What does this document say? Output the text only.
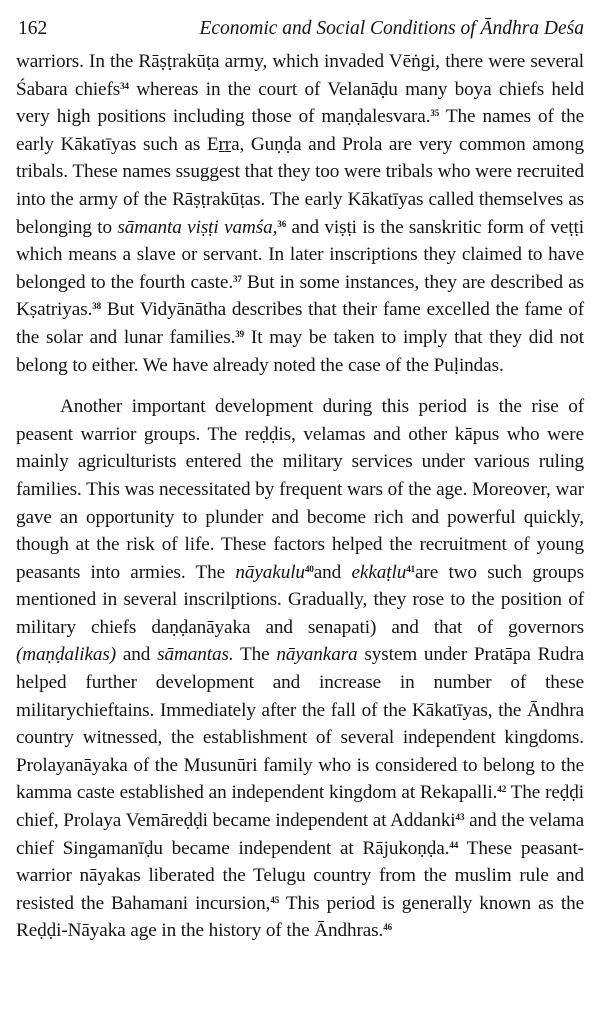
162	Economic and Social Conditions of Āndhra Deśa

warriors. In the Rāṣṭrakūṭa army, which invaded Vēṅgi, there were several Śabara chiefs$^{34}$ whereas in the court of Velanāḍu many boya chiefs held very high positions including those of maṇḍalesvara.$^{35}$ The names of the early Kākatīyas such as Eṟṟa, Guṇḍa and Prola are very common among tribals. These names ssuggest that they too were tribals who were recruited into the army of the Rāṣṭrakūṭas. The early Kākatīyas called themselves as belonging to sāmanta viṣṭi vamśa,$^{36}$ and viṣṭi is the sanskritic form of veṭṭi which means a slave or servant. In later inscriptions they claimed to have belonged to the fourth caste.$^{37}$ But in some instances, they are described as Kṣatriyas.$^{38}$ But Vidyānātha describes that their fame excelled the fame of the solar and lunar families.$^{39}$ It may be taken to imply that they did not belong to either. We have already noted the case of the Puḷindas.

Another important development during this period is the rise of peasent warrior groups. The reḍḍis, velamas and other kāpus who were mainly agriculturists entered the military services under various ruling families. This was necessitated by frequent wars of the age. Moreover, war gave an opportunity to plunder and become rich and powerful quickly, though at the risk of life. These factors helped the recruitment of young peasants into armies. The nāyakulu$^{40}$and ekkaṭlu$^{41}$are two such groups mentioned in several inscrilptions. Gradually, they rose to the position of military chiefs daṇḍanāyaka and senapati) and that of governors (maṇḍalikas) and sāmantas. The nāyankara system under Pratāpa Rudra helped further development and increase in number of these militarychieftains. Immediately after the fall of the Kākatīyas, the Āndhra country witnessed, the establishment of several independent kingdoms. Prolayanāyaka of the Musunūri family who is considered to belong to the kamma caste established an independent kingdom at Rekapalli.$^{42}$ The reḍḍi chief, Prolaya Vemāreḍḍi became independent at Addanki$^{43}$ and the velama chief Singamanīḍu became independent at Rājukoṇḍa.$^{44}$ These peasant-warrior nāyakas liberated the Telugu country from the muslim rule and resisted the Bahamani incursion,$^{45}$ This period is generally known as the Reḍḍi-Nāyaka age in the history of the Āndhras.$^{46}$
